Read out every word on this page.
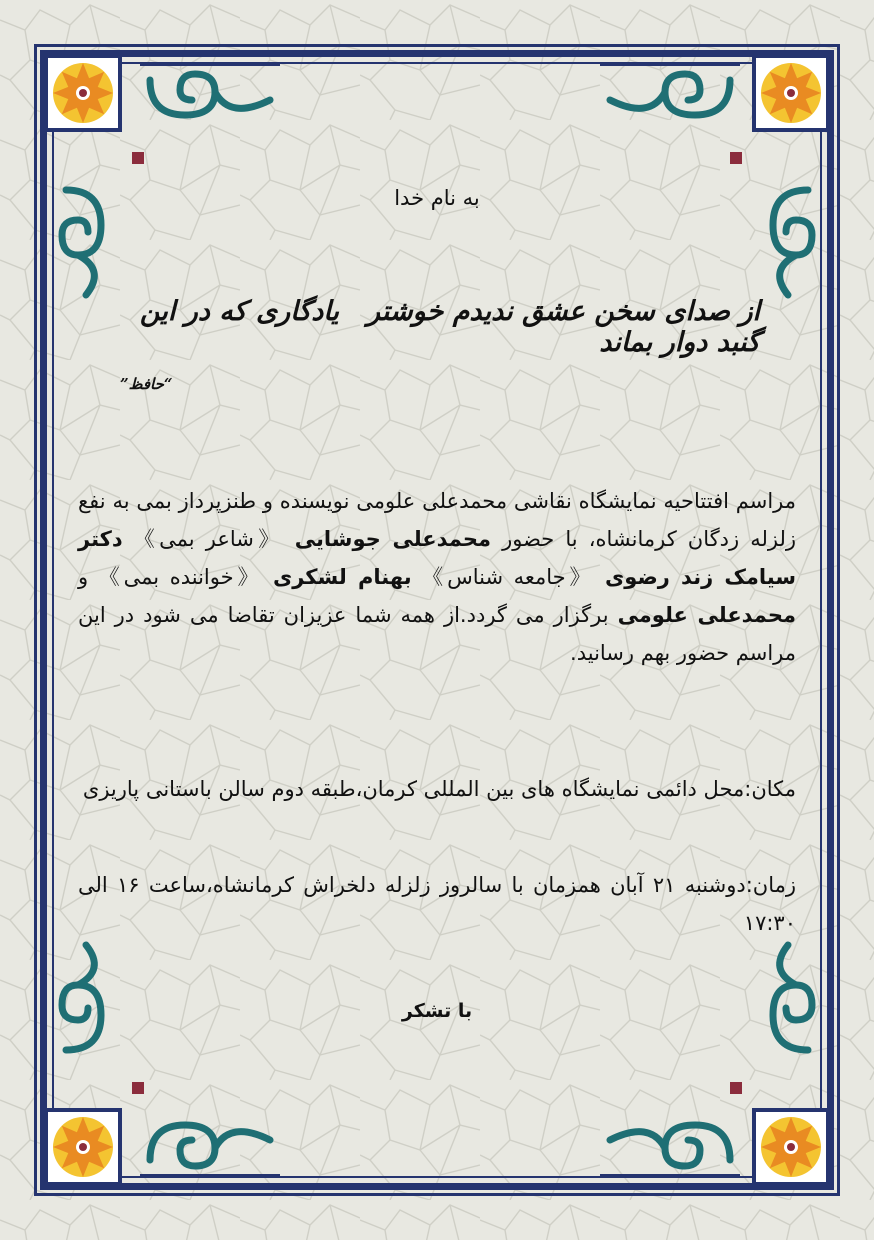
به نام خدا
از صدای سخن عشق ندیدم خوشتریادگاری که در این گنبد دوار بماند
“حافظ”
مراسم افتتاحیه نمایشگاه نقاشی محمدعلی علومی نویسنده و طنزپرداز بمی به نفع زلزله زدگان کرمانشاه، با حضور محمدعلی جوشایی 《شاعر بمی》 دکتر سیامک زند رضوی 《جامعه شناس》 بهنام لشکری 《خواننده بمی》 و محمدعلی علومی برگزار می گردد.از همه شما عزیزان تقاضا می شود در این مراسم حضور بهم رسانید.
مکان:محل دائمی نمایشگاه های بین المللی کرمان،طبقه دوم سالن باستانی پاریزی
زمان:دوشنبه ۲۱ آبان همزمان با سالروز زلزله دلخراش کرمانشاه،ساعت ۱۶ الی ۱۷:۳۰
با تشکر
